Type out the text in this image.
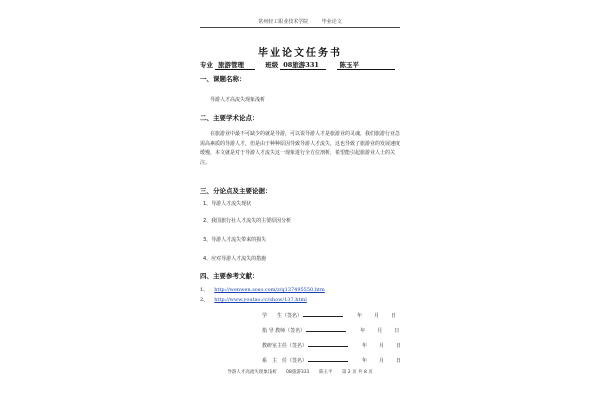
常州轻工职业技术学院	毕业论文
毕业论文任务书
专业 旅游管理	班级 08旅游331	陈玉平
一、课题名称：
导游人才高流失现象浅析
二、主要学术论点：
在旅游业中最不可缺少的就是导游，可以说导游人才是旅游业的灵魂，我们旅游行业急需高素质的导游人才，但是由于种种原因导致导游人才流失，这也导致了旅游业的发展速度缓慢，本文就是对于导游人才流失这一现象进行全方位剖析，希望能引起旅游业人士的关注。
三、分论点及主要论据：
1、导游人才流失现状
2、我国旅行社人才流失的主要原因分析
3、导游人才流失带来的损失
4、应对导游人才流失的措施
四、主要参考文献：
1、 http://wenwen.soso.com/z/q137495550.htm
2、 http://www.youtao.cc/show/137.html
学　　生（签名）	年 月 日
指 导 教师（签名）	年 月 日
教研室主任（签名）	年 月 日
系　主　任（签名）	年 月 日
导游人才高流失现象浅析 08旅游331 陈玉平 第 2 页 共 8 页
